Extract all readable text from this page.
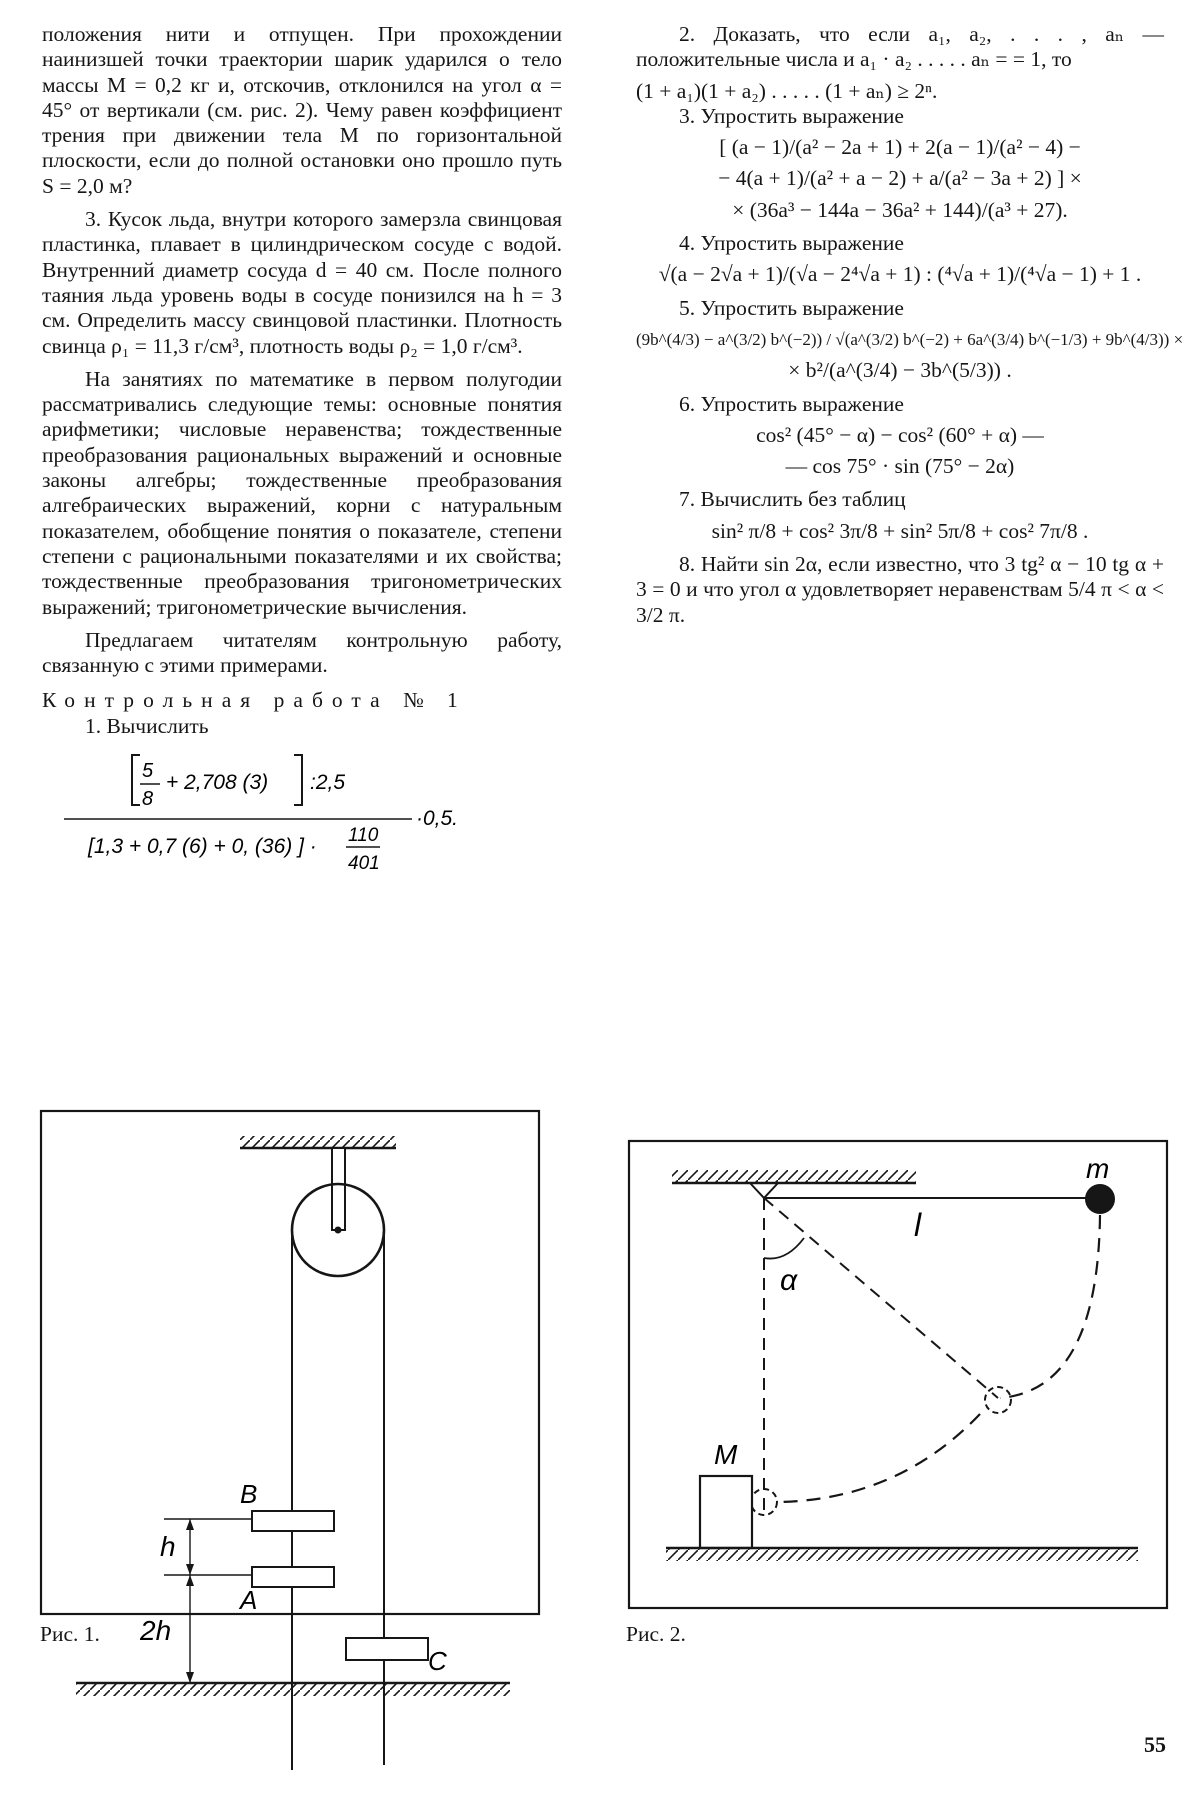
положения нити и отпущен. При прохождении наинизшей точки траектории шарик ударился о тело массы M = 0,2 кг и, отскочив, отклонился на угол α = 45° от вертикали (см. рис. 2). Чему равен коэффициент трения при движении тела M по горизонтальной плоскости, если до полной остановки оно прошло путь S = 2,0 м?

3. Кусок льда, внутри которого замерзла свинцовая пластинка, плавает в цилиндрическом сосуде с водой. Внутренний диаметр сосуда d = 40 см. После полного таяния льда уровень воды в сосуде понизился на h = 3 см. Определить массу свинцовой пластинки. Плотность свинца ρ₁ = 11,3 г/см³, плотность воды ρ₂ = 1,0 г/см³.

На занятиях по математике в первом полугодии рассматривались следующие темы: основные понятия арифметики; числовые неравенства; тождественные преобразования рациональных выражений и основные законы алгебры; тождественные преобразования алгебраических выражений, корни с натуральным показателем, обобщение понятия о показателе, степени степени с рациональными показателями и их свойства; тождественные преобразования тригонометрических выражений; тригонометрические вычисления.

Предлагаем читателям контрольную работу, связанную с этими примерами.

Контрольная работа № 1

1. Вычислить

5
8
+ 2,708 (3) :2,5
·0,5.
[1,3 + 0,7 (6) + 0, (36) ] · 110
401

2. Доказать, что если a₁, a₂, . . . , aₙ — положительные числа и a₁ · a₂ . . . . . aₙ = = 1, то

(1 + a₁)(1 + a₂) . . . . . (1 + aₙ) ≥ 2ⁿ.

3. Упростить выражение

[ (a − 1)/(a² − 2a + 1) + 2(a − 1)/(a² − 4) −

− 4(a + 1)/(a² + a − 2) + a/(a² − 3a + 2) ] ×

× (36a³ − 144a − 36a² + 144)/(a³ + 27).

4. Упростить выражение

√(a − 2√a + 1)/(√a − 2⁴√a + 1) : (⁴√a + 1)/(⁴√a − 1) + 1 .

5. Упростить выражение

(9b^(4/3) − a^(3/2) b^(−2)) / √(a^(3/2) b^(−2) + 6a^(3/4) b^(−1/3) + 9b^(4/3)) ×

× b²/(a^(3/4) − 3b^(5/3)) .

6. Упростить выражение

cos² (45° − α) − cos² (60° + α) —

— cos 75° · sin (75° − 2α)

7. Вычислить без таблиц

sin² π/8 + cos² 3π/8 + sin² 5π/8 + cos² 7π/8 .

8. Найти sin 2α, если известно, что 3 tg² α − 10 tg α + 3 = 0 и что угол α удовлетворяет неравенствам 5/4 π < α < 3/2 π.

B
A
C
h
2h
Рис. 1.
m
l
α
M
Рис. 2.
55
